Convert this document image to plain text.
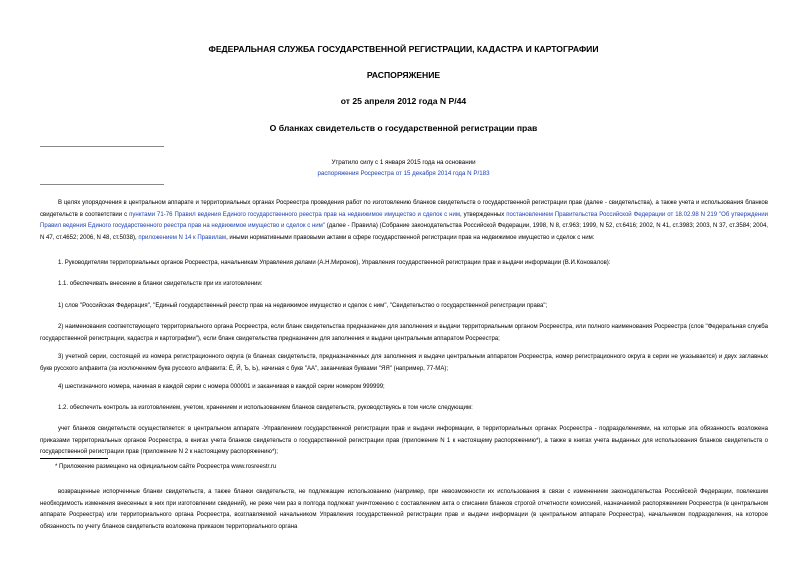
ФЕДЕРАЛЬНАЯ СЛУЖБА ГОСУДАРСТВЕННОЙ РЕГИСТРАЦИИ, КАДАСТРА И КАРТОГРАФИИ
РАСПОРЯЖЕНИЕ
от 25 апреля 2012 года N Р/44
О бланках свидетельств о государственной регистрации прав
Утратило силу с 1 января 2015 года на основании
распоряжения Росреестра от 15 декабря 2014 года N Р/183
В целях упорядочения в центральном аппарате и территориальных органах Росреестра проведения работ по изготовлению бланков свидетельств о государственной регистрации прав (далее - свидетельства), а также учета и использования бланков свидетельств в соответствии с пунктами 71-76 Правил ведения Единого государственного реестра прав на недвижимое имущество и сделок с ним, утвержденных постановлением Правительства Российской Федерации от 18.02.98 N 219 "Об утверждении Правил ведения Единого государственного реестра прав на недвижимое имущество и сделок с ним" (далее - Правила) (Собрание законодательства Российской Федерации, 1998, N 8, ст.963; 1999, N 52, ст.6416; 2002, N 41, ст.3983; 2003, N 37, ст.3584; 2004, N 47, ст.4652; 2006, N 48, ст.5038), приложением N 14 к Правилам, иными нормативными правовыми актами в сфере государственной регистрации прав на недвижимое имущество и сделок с ним:
1. Руководителям территориальных органов Росреестра, начальникам Управления делами (А.Н.Миронов), Управления государственной регистрации прав и выдачи информации (В.И.Коновалов):
1.1. обеспечивать внесение в бланки свидетельств при их изготовлении:
1) слов "Российская Федерация", "Единый государственный реестр прав на недвижимое имущество и сделок с ним", "Свидетельство о государственной регистрации права";
2) наименования соответствующего территориального органа Росреестра, если бланк свидетельства предназначен для заполнения и выдачи территориальным органом Росреестра, или полного наименования Росреестра (слов "Федеральная служба государственной регистрации, кадастра и картографии"), если бланк свидетельства предназначен для заполнения и выдачи центральным аппаратом Росреестра;
3) учетной серии, состоящей из номера регистрационного округа (в бланках свидетельств, предназначенных для заполнения и выдачи центральным аппаратом Росреестра, номер регистрационного округа в серии не указывается) и двух заглавных букв русского алфавита (за исключением букв русского алфавита: Ё, Й, Ъ, Ь), начиная с букв "АА", заканчивая буквами "ЯЯ" (например, 77-МА);
4) шестизначного номера, начиная в каждой серии с номера 000001 и заканчивая в каждой серии номером 999999;
1.2. обеспечить контроль за изготовлением, учетом, хранением и использованием бланков свидетельств, руководствуясь в том числе следующим:
учет бланков свидетельств осуществляется: в центральном аппарате -Управлением государственной регистрации прав и выдачи информации, в территориальных органах Росреестра - подразделениями, на которые эта обязанность возложена приказами территориальных органов Росреестра, в книгах учета бланков свидетельств о государственной регистрации прав (приложение N 1 к настоящему распоряжению*), а также в книгах учета выданных для использования бланков свидетельств о государственной регистрации прав (приложение N 2 к настоящему распоряжению*);
* Приложение размещено на официальном сайте Росреестра www.rosreestr.ru
возвращенные испорченные бланки свидетельств, а также бланки свидетельств, не подлежащие использованию (например, при невозможности их использования в связи с изменением законодательства Российской Федерации, повлекшим необходимость изменения внесенных в них при изготовлении сведений), не реже чем раз в полгода подлежат уничтожению с составлением акта о списании бланков строгой отчетности комиссией, назначаемой распоряжением Росреестра (в центральном аппарате Росреестра) или территориального органа Росреестра, возглавляемой начальником Управления государственной регистрации прав и выдачи информации (в центральном аппарате Росреестра), начальником подразделения, на которое обязанность по учету бланков свидетельств возложена приказом территориального органа
